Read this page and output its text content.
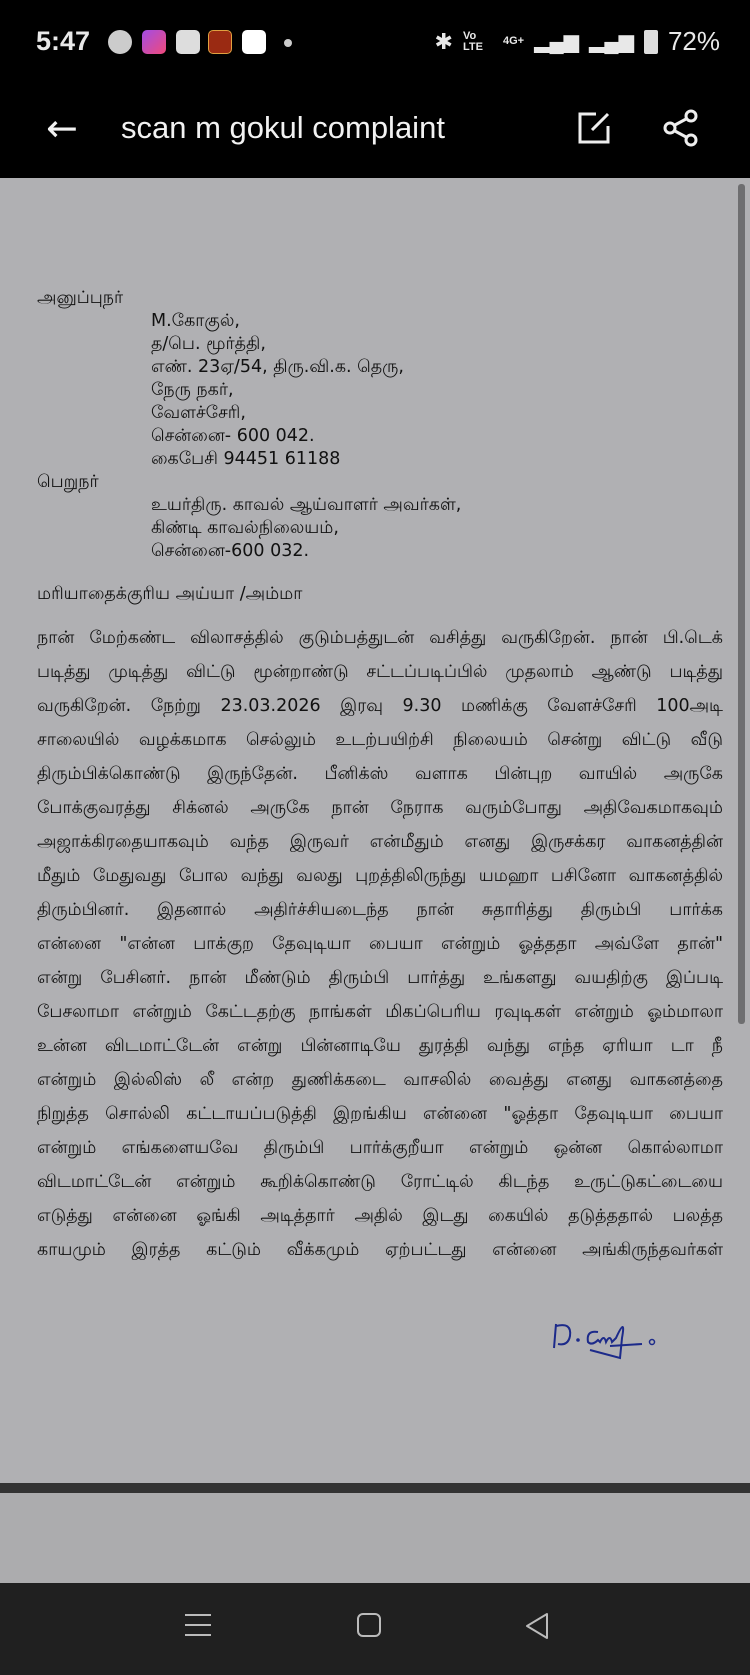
5:47	✱ Vo LTE	4G+ ▂▄▆ ▂▄▆ 72%
← scan m gokul complaint
அனுப்புநர்
M.கோகுல்,
த/பெ. மூர்த்தி,
எண். 23ஏ/54, திரு.வி.க. தெரு,
நேரு நகர்,
வேளச்சேரி,
சென்னை- 600 042.
கைபேசி 94451 61188
பெறுநர்
உயர்திரு. காவல் ஆய்வாளர் அவர்கள்,
கிண்டி காவல்நிலையம்,
சென்னை-600 032.
மரியாதைக்குரிய அய்யா /அம்மா
நான் மேற்கண்ட விலாசத்தில் குடும்பத்துடன் வசித்து வருகிறேன். நான் பி.டெக்
படித்து முடித்து விட்டு மூன்றாண்டு சட்டப்படிப்பில் முதலாம் ஆண்டு படித்து
வருகிறேன். நேற்று 23.03.2026 இரவு 9.30 மணிக்கு வேளச்சேரி 100அடி
சாலையில் வழக்கமாக செல்லும் உடற்பயிற்சி நிலையம் சென்று விட்டு வீடு
திரும்பிக்கொண்டு இருந்தேன். பீனிக்ஸ் வளாக பின்புற வாயில் அருகே
போக்குவரத்து சிக்னல் அருகே நான் நேராக வரும்போது அதிவேகமாகவும்
அஜாக்கிரதையாகவும் வந்த இருவர் என்மீதும் எனது இருசக்கர வாகனத்தின்
மீதும் மேதுவது போல வந்து வலது புறத்திலிருந்து யமஹா பசினோ வாகனத்தில்
திரும்பினர். இதனால் அதிர்ச்சியடைந்த நான் சுதாரித்து திரும்பி பார்க்க
என்னை "என்ன பாக்குற தேவுடியா பையா என்றும் ஓத்ததா அவ்ளே தான்"
என்று பேசினர். நான் மீண்டும் திரும்பி பார்த்து உங்களது வயதிற்கு இப்படி
பேசலாமா என்றும் கேட்டதற்கு நாங்கள் மிகப்பெரிய ரவுடிகள் என்றும் ஓம்மாலா
உன்ன விடமாட்டேன் என்று பின்னாடியே துரத்தி வந்து எந்த ஏரியா டா நீ
என்றும் இல்லிஸ் லீ என்ற துணிக்கடை வாசலில் வைத்து எனது வாகனத்தை
நிறுத்த சொல்லி கட்டாயப்படுத்தி இறங்கிய என்னை "ஓத்தா தேவுடியா பையா
என்றும் எங்களையவே திரும்பி பார்க்குறீயா என்றும் ஒன்ன கொல்லாமா
விடமாட்டேன் என்றும் கூறிக்கொண்டு ரோட்டில் கிடந்த உருட்டுகட்டையை
எடுத்து என்னை ஓங்கி அடித்தார் அதில் இடது கையில் தடுத்ததால் பலத்த
காயமும் இரத்த கட்டும் வீக்கமும் ஏற்பட்டது என்னை அங்கிருந்தவர்கள்
